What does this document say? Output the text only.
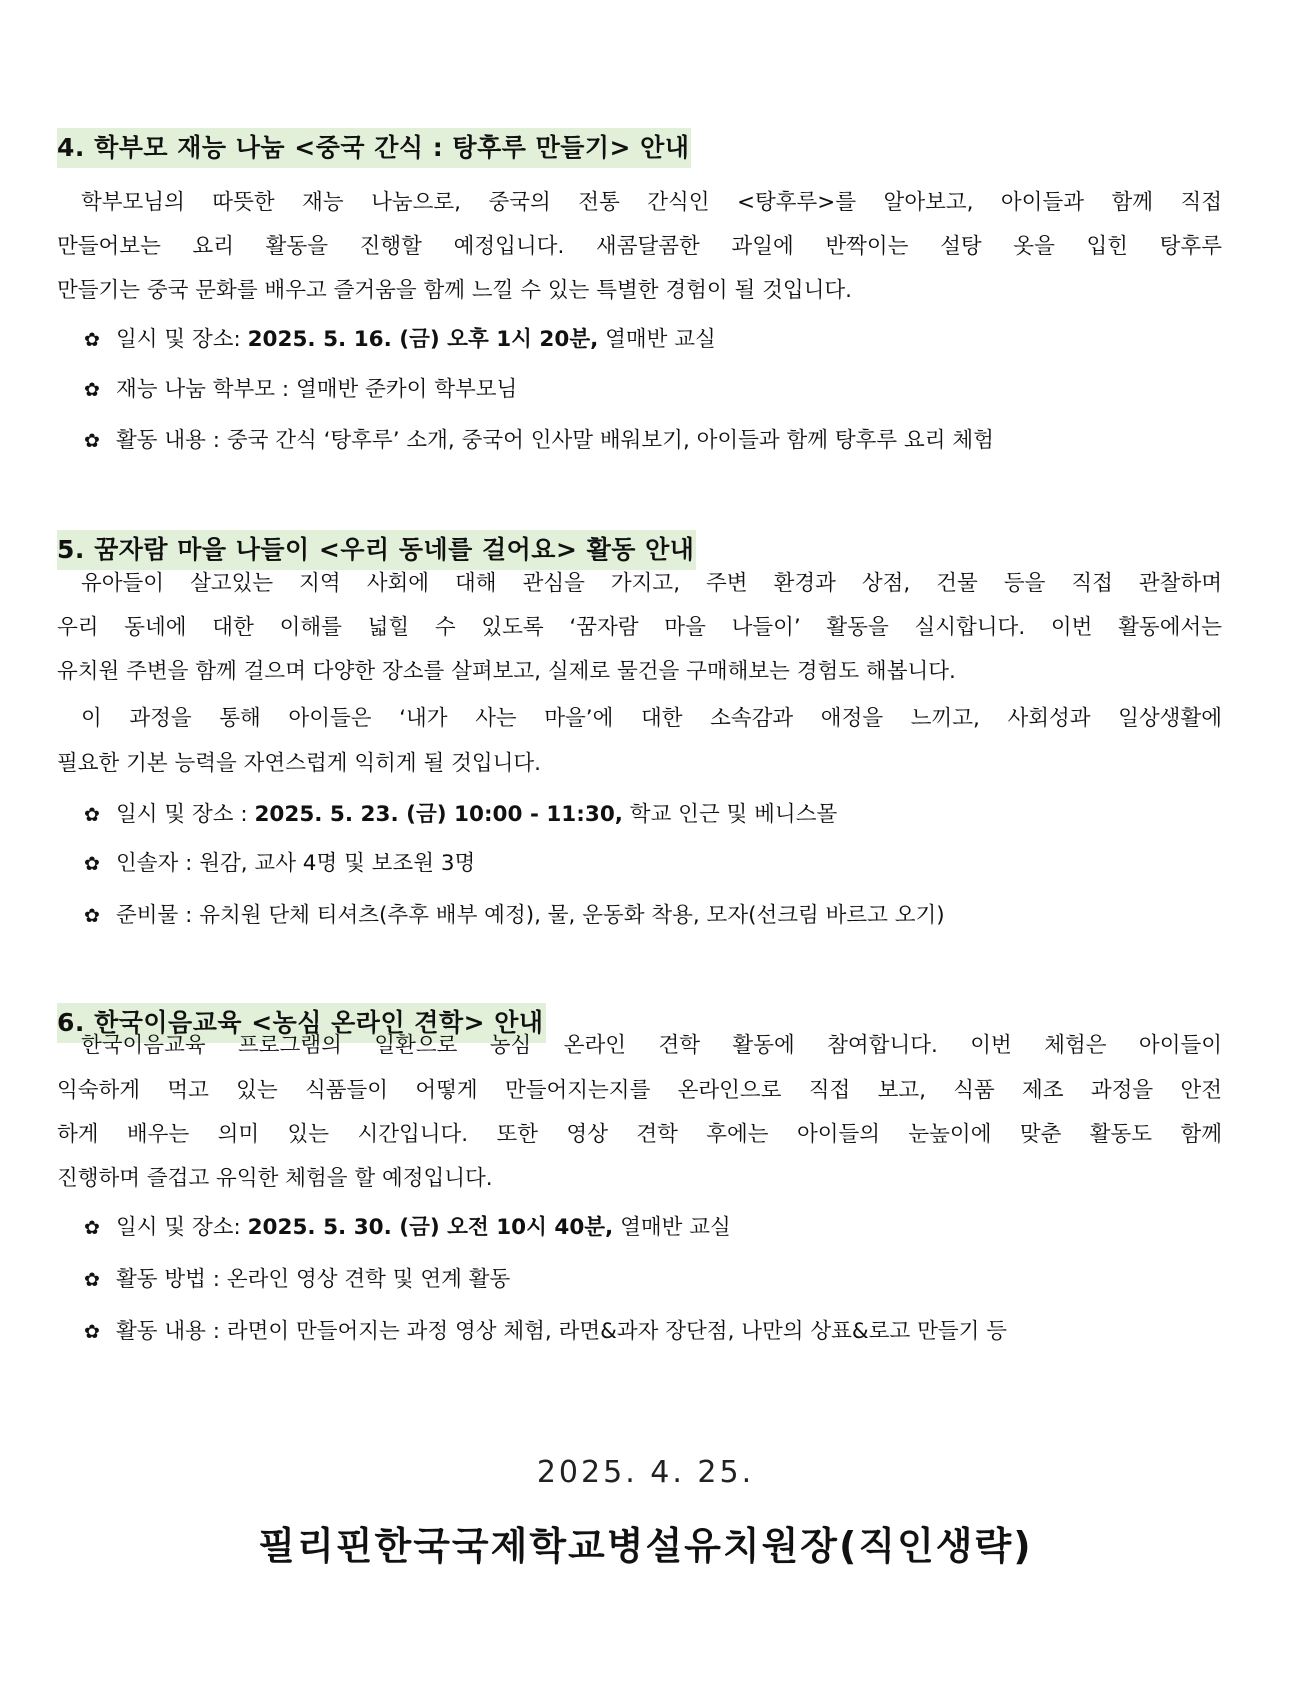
2025. 4. 25.
필리핀한국국제학교병설유치원장(직인생략)
4. 학부모 재능 나눔 <중국 간식 : 탕후루 만들기> 안내
학부모님의 따뜻한 재능 나눔으로, 중국의 전통 간식인 <탕후루>를 알아보고, 아이들과 함께 직접
만들어보는 요리 활동을 진행할 예정입니다. 새콤달콤한 과일에 반짝이는 설탕 옷을 입힌 탕후루
만들기는 중국 문화를 배우고 즐거움을 함께 느낄 수 있는 특별한 경험이 될 것입니다.
✿ 일시 및 장소: 2025. 5. 16. (금) 오후 1시 20분, 열매반 교실
✿ 재능 나눔 학부모 : 열매반 준카이 학부모님
✿ 활동 내용 : 중국 간식 ‘탕후루’ 소개, 중국어 인사말 배워보기, 아이들과 함께 탕후루 요리 체험
5. 꿈자람 마을 나들이 <우리 동네를 걸어요> 활동 안내
유아들이 살고있는 지역 사회에 대해 관심을 가지고, 주변 환경과 상점, 건물 등을 직접 관찰하며
우리 동네에 대한 이해를 넓힐 수 있도록 ‘꿈자람 마을 나들이’ 활동을 실시합니다. 이번 활동에서는
유치원 주변을 함께 걸으며 다양한 장소를 살펴보고, 실제로 물건을 구매해보는 경험도 해봅니다.
이 과정을 통해 아이들은 ‘내가 사는 마을’에 대한 소속감과 애정을 느끼고, 사회성과 일상생활에
필요한 기본 능력을 자연스럽게 익히게 될 것입니다.
✿ 일시 및 장소 : 2025. 5. 23. (금) 10:00 - 11:30, 학교 인근 및 베니스몰
✿ 인솔자 : 원감, 교사 4명 및 보조원 3명
✿ 준비물 : 유치원 단체 티셔츠(추후 배부 예정), 물, 운동화 착용, 모자(선크림 바르고 오기)
6. 한국이음교육 <농심 온라인 견학> 안내
한국이음교육 프로그램의 일환으로 농심 온라인 견학 활동에 참여합니다. 이번 체험은 아이들이
익숙하게 먹고 있는 식품들이 어떻게 만들어지는지를 온라인으로 직접 보고, 식품 제조 과정을 안전
하게 배우는 의미 있는 시간입니다. 또한 영상 견학 후에는 아이들의 눈높이에 맞춘 활동도 함께
진행하며 즐겁고 유익한 체험을 할 예정입니다.
✿ 일시 및 장소: 2025. 5. 30. (금) 오전 10시 40분, 열매반 교실
✿ 활동 방법 : 온라인 영상 견학 및 연계 활동
✿ 활동 내용 : 라면이 만들어지는 과정 영상 체험, 라면&과자 장단점, 나만의 상표&로고 만들기 등
